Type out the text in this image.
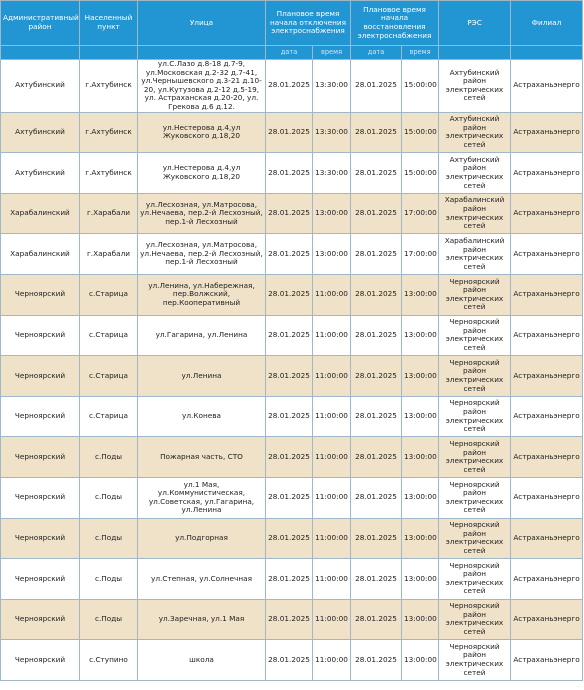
Административный район	Населенный пункт	Улица	Плановое время начала отключения электроснабжения		Плановое время начала восстановления электроснабжения		РЭС	Филиал
			дата	время	дата	время		
Ахтубинский	г.Ахтубинск	ул.С.Лазо д.8-18 д.7-9, ул.Московская д.2-32 д.7-41, ул.Чернышевского д.3-21 д.10-20, ул.Кутузова д.2-12 д.5-19, ул. Астраханская д.20-20, ул. Грекова д.6 д.12.	28.01.2025	13:30:00	28.01.2025	15:00:00	Ахтубинский район электрических сетей	Астраханьэнерго
Ахтубинский	г.Ахтубинск	ул.Нестерова д.4,ул Жуковского д.18,20	28.01.2025	13:30:00	28.01.2025	15:00:00	Ахтубинский район электрических сетей	Астраханьэнерго
Ахтубинский	г.Ахтубинск	ул.Нестерова д.4,ул Жуковского д.18,20	28.01.2025	13:30:00	28.01.2025	15:00:00	Ахтубинский район электрических сетей	Астраханьэнерго
Харабалинский	г.Харабали	ул.Лесхозная, ул.Матросова, ул.Нечаева, пер.2-й Лесхозный, пер.1-й Лесхозный	28.01.2025	13:00:00	28.01.2025	17:00:00	Харабалинский район электрических сетей	Астраханьэнерго
Харабалинский	г.Харабали	ул.Лесхозная, ул.Матросова, ул.Нечаева, пер.2-й Лесхозный, пер.1-й Лесхозный	28.01.2025	13:00:00	28.01.2025	17:00:00	Харабалинский район электрических сетей	Астраханьэнерго
Черноярский	с.Старица	ул.Ленина, ул.Набережная, пер.Волжский, пер.Кооперативный	28.01.2025	11:00:00	28.01.2025	13:00:00	Черноярский район электрических сетей	Астраханьэнерго
Черноярский	с.Старица	ул.Гагарина, ул.Ленина	28.01.2025	11:00:00	28.01.2025	13:00:00	Черноярский район электрических сетей	Астраханьэнерго
Черноярский	с.Старица	ул.Ленина	28.01.2025	11:00:00	28.01.2025	13:00:00	Черноярский район электрических сетей	Астраханьэнерго
Черноярский	с.Старица	ул.Конева	28.01.2025	11:00:00	28.01.2025	13:00:00	Черноярский район электрических сетей	Астраханьэнерго
Черноярский	с.Поды	Пожарная часть, СТО	28.01.2025	11:00:00	28.01.2025	13:00:00	Черноярский район электрических сетей	Астраханьэнерго
Черноярский	с.Поды	ул.1 Мая, ул.Коммунистическая, ул.Советская, ул.Гагарина, ул.Ленина	28.01.2025	11:00:00	28.01.2025	13:00:00	Черноярский район электрических сетей	Астраханьэнерго
Черноярский	с.Поды	ул.Подгорная	28.01.2025	11:00:00	28.01.2025	13:00:00	Черноярский район электрических сетей	Астраханьэнерго
Черноярский	с.Поды	ул.Степная, ул.Солнечная	28.01.2025	11:00:00	28.01.2025	13:00:00	Черноярский район электрических сетей	Астраханьэнерго
Черноярский	с.Поды	ул.Заречная, ул.1 Мая	28.01.2025	11:00:00	28.01.2025	13:00:00	Черноярский район электрических сетей	Астраханьэнерго
Черноярский	с.Ступино	школа	28.01.2025	11:00:00	28.01.2025	13:00:00	Черноярский район электрических сетей	Астраханьэнерго
